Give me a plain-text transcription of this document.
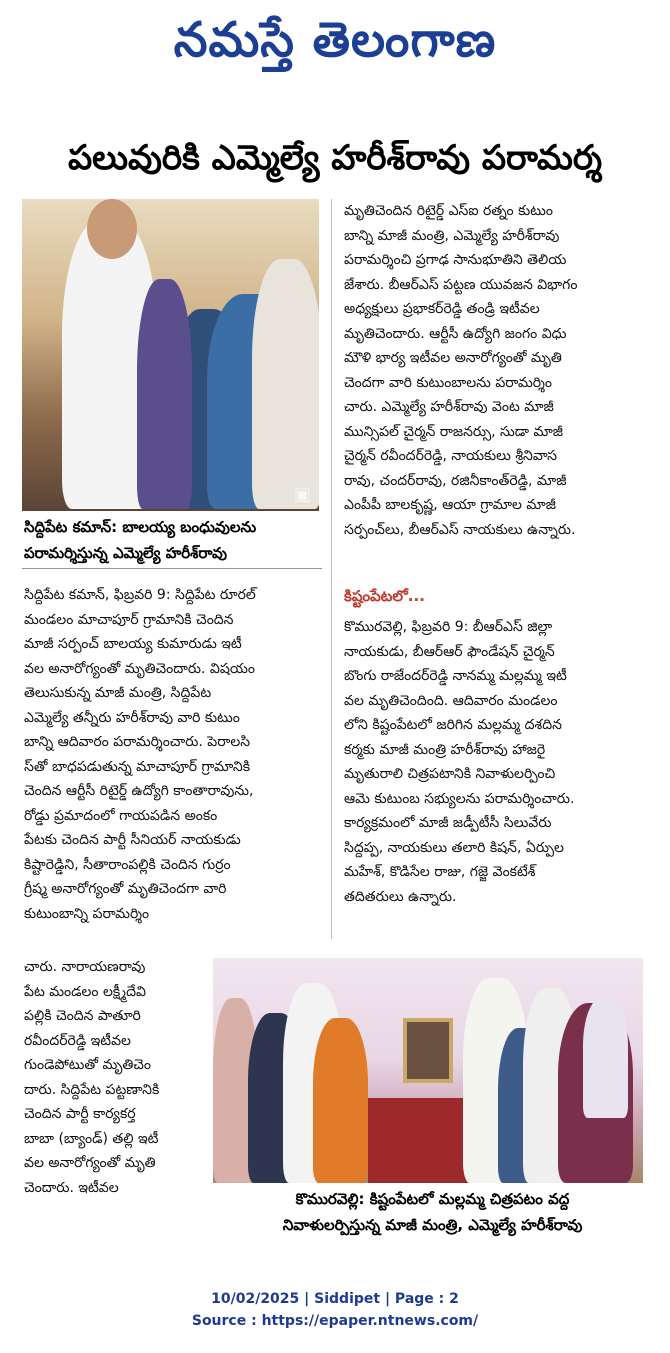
నమస్తే తెలంగాణ
పలువురికి ఎమ్మెల్యే హరీశ్‌రావు పరామర్శ
▣

సిద్దిపేట కమాన్‌: బాలయ్య బంధువులను

పరామర్శిస్తున్న ఎమ్మెల్యే హరీశ్‌రావు

మృతిచెందిన రిటైర్డ్‌ ఎస్‌ఐ రత్నం కుటుం

బాన్ని మాజీ మంత్రి, ఎమ్మెల్యే హరీశ్‌రావు

పరామర్శించి ప్రగాఢ సానుభూతిని తెలియ

జేశారు. బీఆర్‌ఎస్‌ పట్టణ యువజన విభాగం

అధ్యక్షులు ప్రభాకర్‌రెడ్డి తండ్రి ఇటీవల

మృతిచెందారు. ఆర్టీసీ ఉద్యోగి జంగం విధు

మౌళి భార్య ఇటీవల అనారోగ్యంతో మృతి

చెందగా వారి కుటుంబాలను పరామర్శిం

చారు. ఎమ్మెల్యే హరీశ్‌రావు వెంట మాజీ

మున్సిపల్‌ చైర్మన్‌ రాజనర్సు, సుడా మాజీ

చైర్మన్‌ రవీందర్‌రెడ్డి, నాయకులు శ్రీనివాస

రావు, చందర్‌రావు, రజినీకాంత్‌రెడ్డి, మాజీ

ఎంపీపీ బాలకృష్ణ, ఆయా గ్రామాల మాజీ

సర్పంచ్‌లు, బీఆర్‌ఎస్‌ నాయకులు ఉన్నారు.

కిష్టంపేటలో...

సిద్దిపేట కమాన్‌, ఫిబ్రవరి 9: సిద్దిపేట రూరల్‌

మండలం మాచాపూర్‌ గ్రామానికి చెందిన

మాజీ సర్పంచ్‌ బాలయ్య కుమారుడు ఇటీ

వల అనారోగ్యంతో మృతిచెందారు. విషయం

తెలుసుకున్న మాజీ మంత్రి, సిద్దిపేట

ఎమ్మెల్యే తన్నీరు హరీశ్‌రావు వారి కుటుం

బాన్ని ఆదివారం పరామర్శించారు. పెరాలసి

స్‌తో బాధపడుతున్న మాచాపూర్‌ గ్రామానికి

చెందిన ఆర్టీసీ రిటైర్డ్‌ ఉద్యోగి కాంతారావును,

రోడ్డు ప్రమాదంలో గాయపడిన అంకం

పేటకు చెందిన పార్టీ సీనియర్‌ నాయకుడు

కిష్టారెడ్డిని, సీతారాంపల్లికి చెందిన గుర్రం

గ్రీష్మ అనారోగ్యంతో మృతిచెందగా వారి

కుటుంబాన్ని పరామర్శిం

చారు. నారాయణరావు

పేట మండలం లక్ష్మీదేవి

పల్లికి చెందిన పాతూరి

రవీందర్‌రెడ్డి ఇటీవల

గుండెపోటుతో మృతిచెం

దారు. సిద్దిపేట పట్టణానికి

చెందిన పార్టీ కార్యకర్త

బాబా (బ్యాండ్‌) తల్లి ఇటీ

వల అనారోగ్యంతో మృతి

చెందారు. ఇటీవల

కొమురవెల్లి, ఫిబ్రవరి 9: బీఆర్‌ఎస్‌ జిల్లా

నాయకుడు, బీఆర్‌ఆర్‌ ఫౌండేషన్‌ చైర్మన్‌

బొంగు రాజేందర్‌రెడ్డి నానమ్మ మల్లమ్మ ఇటీ

వల మృతిచెందింది. ఆదివారం మండలం

లోని కిష్టంపేటలో జరిగిన మల్లమ్మ దశదిన

కర్మకు మాజీ మంత్రి హరీశ్‌రావు హాజరై

మృతురాలి చిత్రపటానికి నివాళులర్పించి

ఆమె కుటుంబ సభ్యులను పరామర్శించారు.

కార్యక్రమంలో మాజీ జడ్పీటీసీ సిలువేరు

సిద్దప్ప, నాయకులు తలారి కిషన్‌, ఏర్పుల

మహేశ్‌, కొడిసేల రాజు, గజ్జె వెంకటేశ్‌

తదితరులు ఉన్నారు.

కొమురవెల్లి: కిష్టంపేటలో మల్లమ్మ చిత్రపటం వద్ద

నివాళులర్పిస్తున్న మాజీ మంత్రి, ఎమ్మెల్యే హరీశ్‌రావు

10/02/2025 | Siddipet | Page : 2
Source : https://epaper.ntnews.com/
